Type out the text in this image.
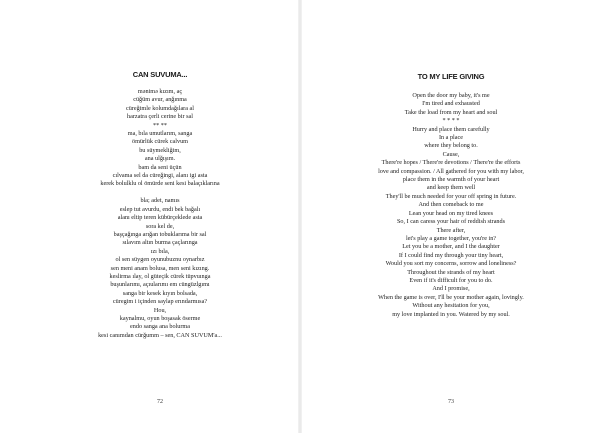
CAN SUVUMA...
mənimə kızım, aç
cüğüm avur, anğınma
cüreğimle kolumdağılara al
harzatra çerli cerine bir sal
** **
ma, bıla umutlarım, sanga
ömürlük cürek calvum
bu süymekliğim,
ana ulğışım.
bam da seni üçün
cılvama sel da cüreğingi, alanı igi asta
kerek bolulklu ol ömürde seni kesi balaçıklarına

bla; adet, namıs
eslep tut avurdu, endi bek bağalı
alanı eltip teren kübürçeklede asta
sora kel de,
başçağınga arığan tobuklarıma bir sal
sılavım altın burma çaçlarınga
ızı bıla,
ol sen süygen oyunubuznu oynarbız
sen meni anam bolusa, men seni kızıng.
keslirma ılay, ol güteçik cürek tüpvuınga
buşunlarımı, açıularımı em cüngüzlgımı
sanga bir kesek kıyın bolsada,
cüregim i içinden saylap erındarmısa?
Hou,
kaynalmu, oyun boşasak öserme
endo sanga ana bolurma
kesi canımdan cürğumm – sen, CAN SUVUM'a...
72
TO MY LIFE GIVING
Open the door my baby, it's me
I'm tired and exhausted
Take the load from my heart and soul
* * * *
Hurry and place them carefully
In a place
where they belong to.
Cause,
There're hopes / There're devotions / There're the efforts
love and compassion. / All gathered for you with my labor,
place them in the warmth of your heart
and keep them well
They'll be much needed for your off spring in future.
And then comeback to me
Lean your head on my tired knees
So, I can caress your hair of reddish strands
There after,
let's play a game together, you're in?
Let you be a mother, and I the daughter
If I could find my through your tiny heart,
Would you sort my concerns, sorrow and loneliness?
Throughout the strands of my heart
Even if it's difficult for you to do.
And I promise,
When the game is over, I'll be your mother again, lovingly.
Without any hesitation for you,
my love implanted in you. Watered by my soul.
73
